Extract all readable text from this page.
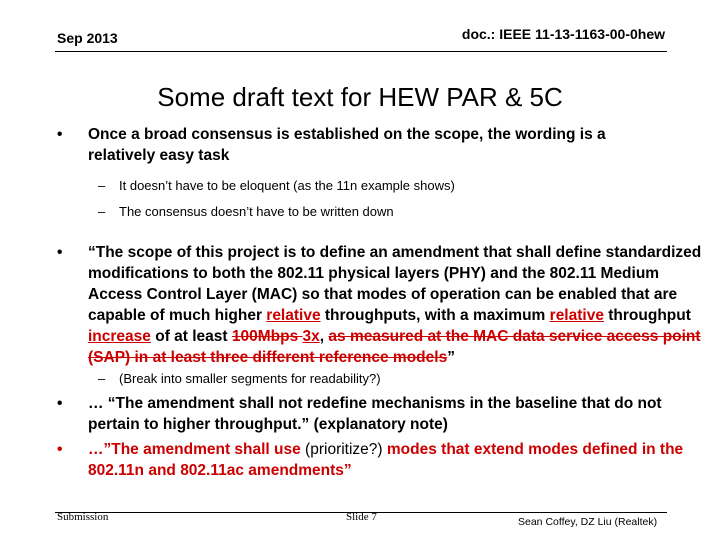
Sep 2013	doc.: IEEE 11-13-1163-00-0hew
Some draft text for HEW PAR & 5C
• Once a broad consensus is established on the scope, the wording is a
relatively easy task
– It doesn’t have to be eloquent (as the 11n example shows)
– The consensus doesn’t have to be written down
• “The scope of this project is to define an amendment that shall define standardized
modifications to both the 802.11 physical layers (PHY) and the 802.11 Medium
Access Control Layer (MAC) so that modes of operation can be enabled that are
capable of much higher relative throughputs, with a maximum relative throughput
increase of at least 100Mbps 3x, as measured at the MAC data service access point
(SAP) in at least three different reference models”
– (Break into smaller segments for readability?)
• … “The amendment shall not redefine mechanisms in the baseline that do not
pertain to higher throughput.” (explanatory note)
• …”The amendment shall use (prioritize?) modes that extend modes defined in the
802.11n and 802.11ac amendments”
Submission	Slide 7	Sean Coffey, DZ Liu (Realtek)
